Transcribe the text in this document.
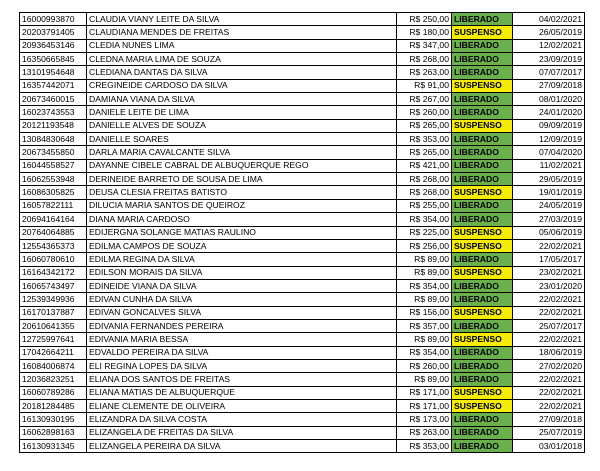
16000993870	CLAUDIA VIANY LEITE DA SILVA	R$ 250,00	LIBERADO	04/02/2021
20203791405	CLAUDIANA MENDES DE FREITAS	R$ 180,00	SUSPENSO	26/05/2019
20936453146	CLEDIA NUNES LIMA	R$ 347,00	LIBERADO	12/02/2021
16350665845	CLEDNA MARIA LIMA DE SOUZA	R$ 268,00	LIBERADO	23/09/2019
13101954648	CLEDIANA DANTAS DA SILVA	R$ 263,00	LIBERADO	07/07/2017
16357442071	CREGINEIDE CARDOSO DA SILVA	R$ 91,00	SUSPENSO	27/09/2018
20673460015	DAMIANA VIANA DA SILVA	R$ 267,00	LIBERADO	08/01/2020
16023743553	DANIELE LEITE DE LIMA	R$ 260,00	LIBERADO	24/01/2020
20121193548	DANIELLE ALVES DE SOUZA	R$ 265,00	SUSPENSO	09/09/2019
13084830648	DANIELLE SOARES	R$ 353,00	LIBERADO	12/09/2019
20673455850	DARLA MARIA CAVALCANTE SILVA	R$ 265,00	LIBERADO	07/04/2020
16044558527	DAYANNE CIBELE CABRAL DE ALBUQUERQUE REGO	R$ 421,00	LIBERADO	11/02/2021
16062553948	DERINEIDE BARRETO DE SOUSA DE LIMA	R$ 268,00	LIBERADO	29/05/2019
16086305825	DEUSA CLESIA FREITAS BATISTO	R$ 268,00	SUSPENSO	19/01/2019
16057822111	DILUCIA MARIA SANTOS DE QUEIROZ	R$ 255,00	LIBERADO	24/05/2019
20694164164	DIANA MARIA CARDOSO	R$ 354,00	LIBERADO	27/03/2019
20764064885	EDIJERGNA SOLANGE MATIAS RAULINO	R$ 225,00	SUSPENSO	05/06/2019
12554365373	EDILMA CAMPOS DE SOUZA	R$ 256,00	SUSPENSO	22/02/2021
16060780610	EDILMA REGINA DA SILVA	R$ 89,00	LIBERADO	17/05/2017
16164342172	EDILSON MORAIS DA SILVA	R$ 89,00	SUSPENSO	23/02/2021
16065743497	EDINEIDE VIANA DA SILVA	R$ 354,00	LIBERADO	23/01/2020
12539349936	EDIVAN CUNHA DA SILVA	R$ 89,00	LIBERADO	22/02/2021
16170137887	EDIVAN GONCALVES SILVA	R$ 156,00	SUSPENSO	22/02/2021
20610641355	EDIVANIA FERNANDES PEREIRA	R$ 357,00	LIBERADO	25/07/2017
12725997641	EDIVANIA MARIA BESSA	R$ 89,00	SUSPENSO	22/02/2021
17042664211	EDVALDO PEREIRA DA SILVA	R$ 354,00	LIBERADO	18/06/2019
16084006874	ELI REGINA LOPES DA SILVA	R$ 260,00	LIBERADO	27/02/2020
12036823251	ELIANA DOS SANTOS DE FREITAS	R$ 89,00	LIBERADO	22/02/2021
16060789286	ELIANA MATIAS DE ALBUQUERQUE	R$ 171,00	SUSPENSO	22/02/2021
20181284485	ELIANE CLEMENTE DE OLIVEIRA	R$ 171,00	SUSPENSO	22/02/2021
16130930195	ELIZANDRA DA SILVA COSTA	R$ 173,00	LIBERADO	27/09/2018
16062898163	ELIZANGELA DE FREITAS DA SILVA	R$ 263,00	LIBERADO	25/07/2019
16130931345	ELIZANGELA PEREIRA DA SILVA	R$ 353,00	LIBERADO	03/01/2018
